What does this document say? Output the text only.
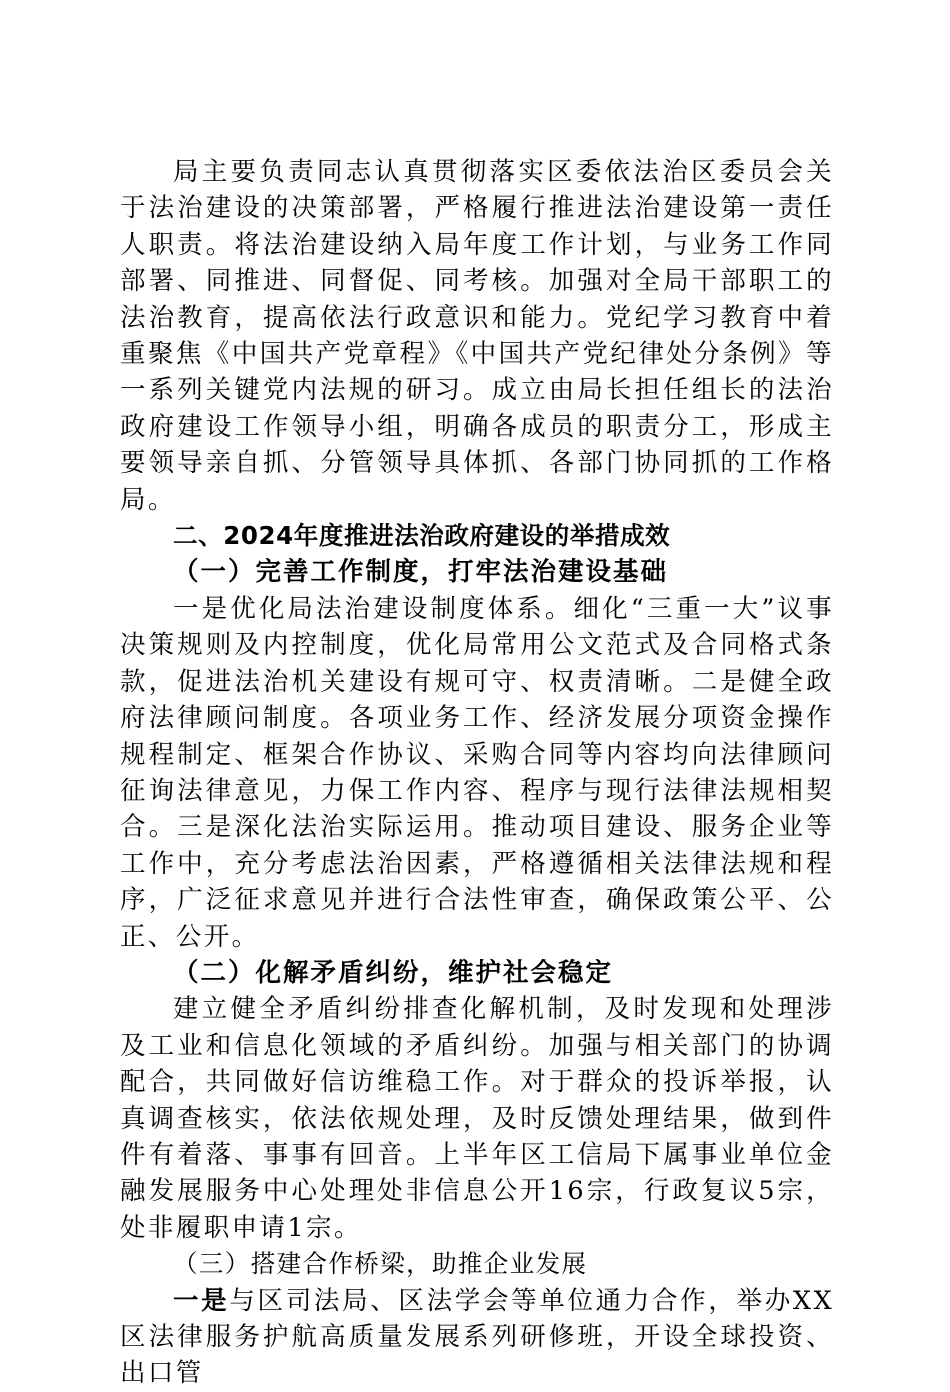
局主要负责同志认真贯彻落实区委依法治区委员会关于法治建设的决策部署，严格履行推进法治建设第一责任人职责。将法治建设纳入局年度工作计划，与业务工作同部署、同推进、同督促、同考核。加强对全局干部职工的法治教育，提高依法行政意识和能力。党纪学习教育中着重聚焦《中国共产党章程》《中国共产党纪律处分条例》等一系列关键党内法规的研习。成立由局长担任组长的法治政府建设工作领导小组，明确各成员的职责分工，形成主要领导亲自抓、分管领导具体抓、各部门协同抓的工作格局。

二、2024年度推进法治政府建设的举措成效

（一）完善工作制度，打牢法治建设基础

一是优化局法治建设制度体系。细化“三重一大”议事决策规则及内控制度，优化局常用公文范式及合同格式条款，促进法治机关建设有规可守、权责清晰。二是健全政府法律顾问制度。各项业务工作、经济发展分项资金操作规程制定、框架合作协议、采购合同等内容均向法律顾问征询法律意见，力保工作内容、程序与现行法律法规相契合。三是深化法治实际运用。推动项目建设、服务企业等工作中，充分考虑法治因素，严格遵循相关法律法规和程序，广泛征求意见并进行合法性审查，确保政策公平、公正、公开。

（二）化解矛盾纠纷，维护社会稳定

建立健全矛盾纠纷排查化解机制，及时发现和处理涉及工业和信息化领域的矛盾纠纷。加强与相关部门的协调配合，共同做好信访维稳工作。对于群众的投诉举报，认真调查核实，依法依规处理，及时反馈处理结果，做到件件有着落、事事有回音。上半年区工信局下属事业单位金融发展服务中心处理处非信息公开16宗，行政复议5宗，处非履职申请1宗。

（三）搭建合作桥梁，助推企业发展

一是与区司法局、区法学会等单位通力合作，举办XX区法律服务护航高质量发展系列研修班，开设全球投资、出口管
